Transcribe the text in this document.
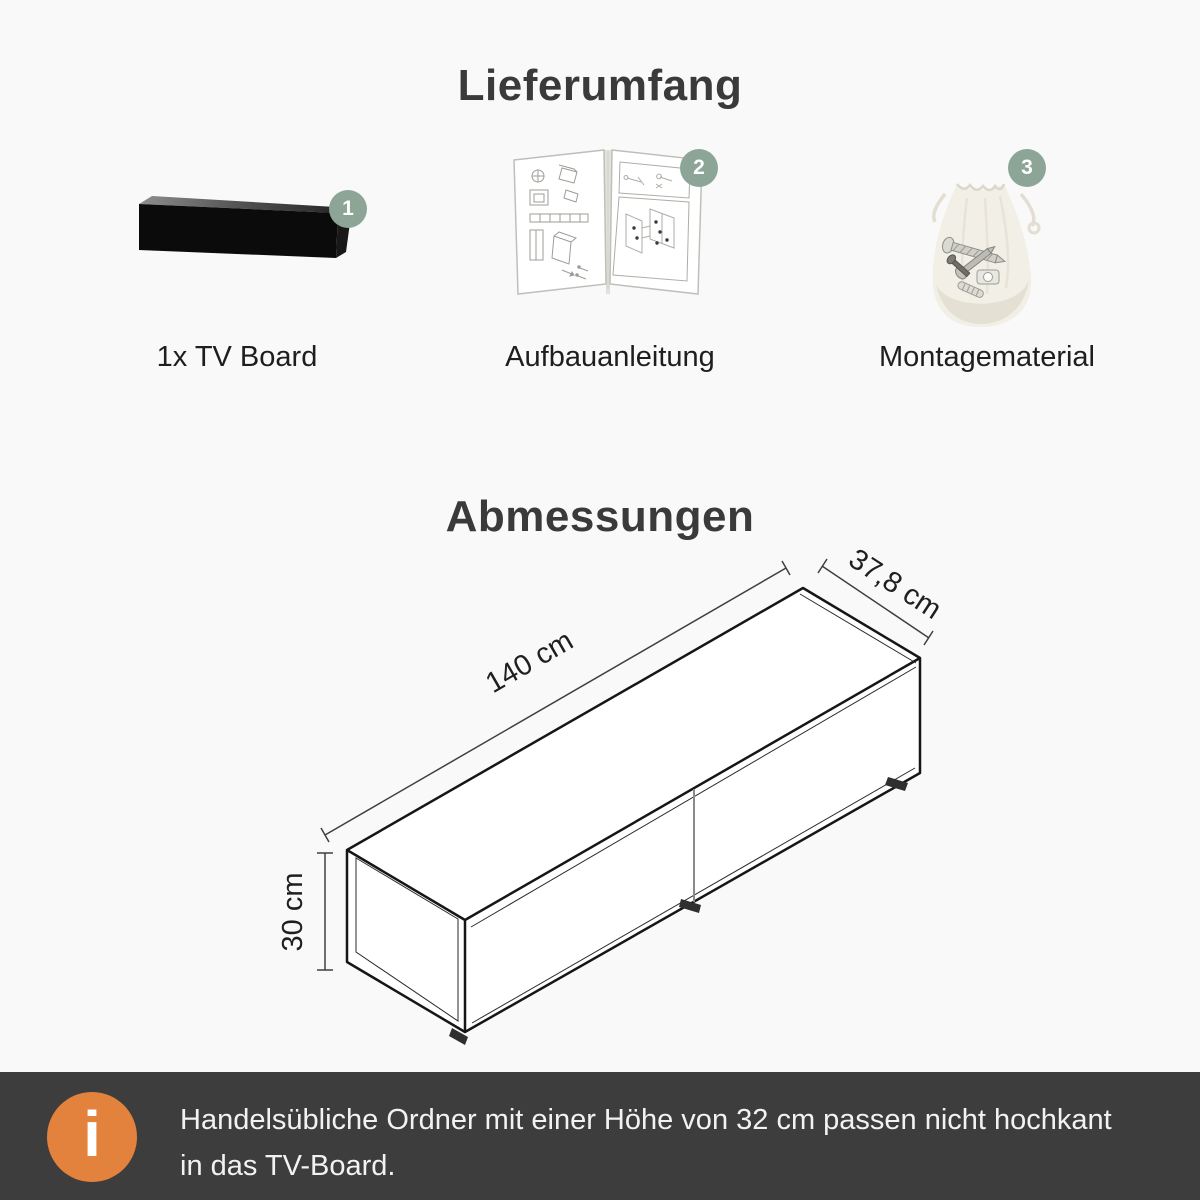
Lieferumfang
1
1x TV Board
2
Aufbauanleitung
3
Montagematerial
Abmessungen
140 cm
37,8 cm
30 cm
i	Handelsübliche Ordner mit einer Höhe von 32 cm passen nicht hochkant
in das TV-Board.
